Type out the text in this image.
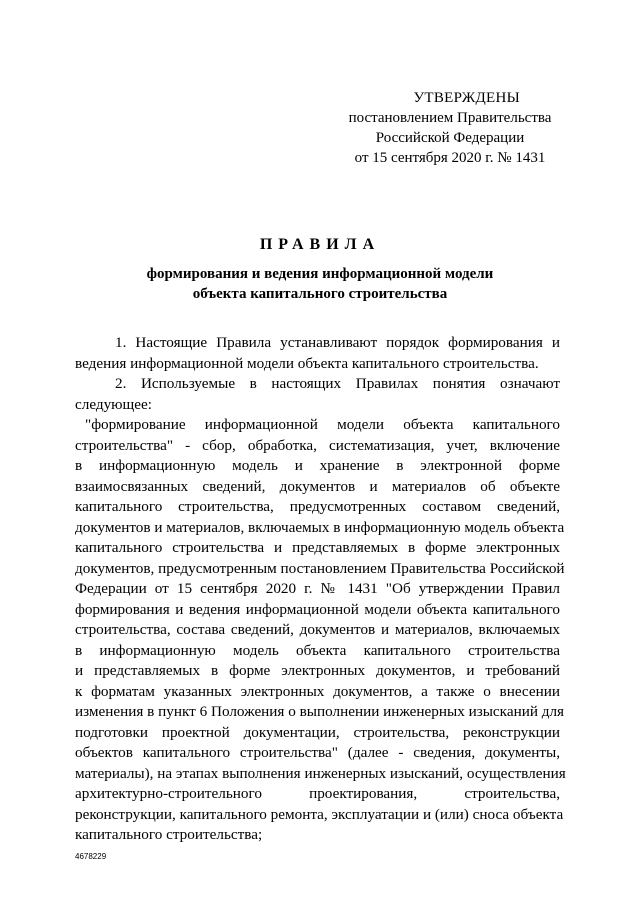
УТВЕРЖДЕНЫ
постановлением Правительства
Российской Федерации
от 15 сентября 2020 г. № 1431
ПРАВИЛА
формирования и ведения информационной модели
объекта капитального строительства

1. Настоящие Правила устанавливают порядок формирования и ведения информационной модели объекта капитального строительства.

2. Используемые в настоящих Правилах понятия означают следующее:

"формирование информационной модели объекта капитального
строительства" - сбор, обработка, систематизация, учет, включение
в информационную модель и хранение в электронной форме
взаимосвязанных сведений, документов и материалов об объекте
капитального строительства, предусмотренных составом сведений,
документов и материалов, включаемых в информационную модель объекта
капитального строительства и представляемых в форме электронных
документов, предусмотренным постановлением Правительства Российской
Федерации от 15 сентября 2020 г. № 1431 "Об утверждении Правил
формирования и ведения информационной модели объекта капитального
строительства, состава сведений, документов и материалов, включаемых
в информационную модель объекта капитального строительства
и представляемых в форме электронных документов, и требований
к форматам указанных электронных документов, а также о внесении
изменения в пункт 6 Положения о выполнении инженерных изысканий для
подготовки проектной документации, строительства, реконструкции
объектов капитального строительства" (далее - сведения, документы,
материалы), на этапах выполнения инженерных изысканий, осуществления
архитектурно-строительного проектирования, строительства,
реконструкции, капитального ремонта, эксплуатации и (или) сноса объекта
капитального строительства;
4678229
